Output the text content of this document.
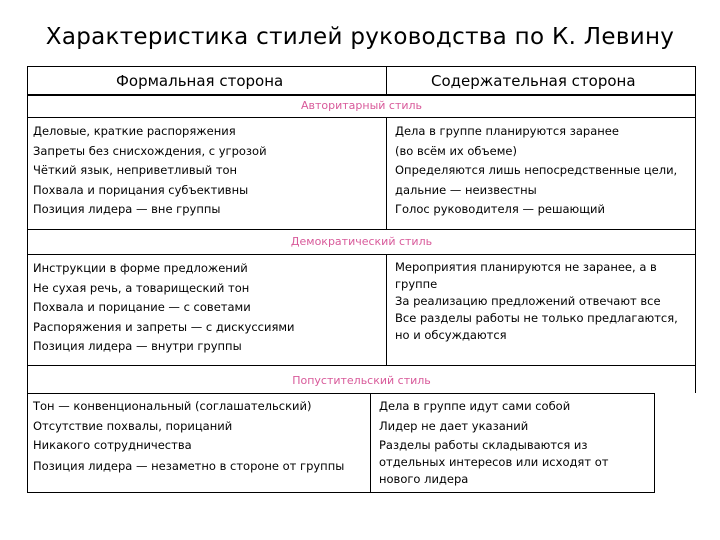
Характеристика стилей руководства по К. Левину
Формальная сторона	Содержательная сторона
Авторитарный стиль
Деловые, краткие распоряжения
Запреты без снисхождения, с угрозой
Чёткий язык, неприветливый тон
Похвала и порицания субъективны
Позиция лидера — вне группы
Дела в группе планируются заранее
(во всём их объеме)
Определяются лишь непосредственные цели, дальние — неизвестны
Голос руководителя — решающий
Демократический стиль
Инструкции в форме предложений
Не сухая речь, а товарищеский тон
Похвала и порицание — с советами
Распоряжения и запреты — с дискуссиями
Позиция лидера — внутри группы
Мероприятия планируются не заранее, а в группе
За реализацию предложений отвечают все
Все разделы работы не только предлагаются, но и обсуждаются
Попустительский стиль
Тон — конвенциональный (соглашательский)
Отсутствие похвалы, порицаний
Никакого сотрудничества
Позиция лидера — незаметно в стороне от группы
Дела в группе идут сами собой
Лидер не дает указаний
Разделы работы складываются из отдельных интересов или исходят от нового лидера
